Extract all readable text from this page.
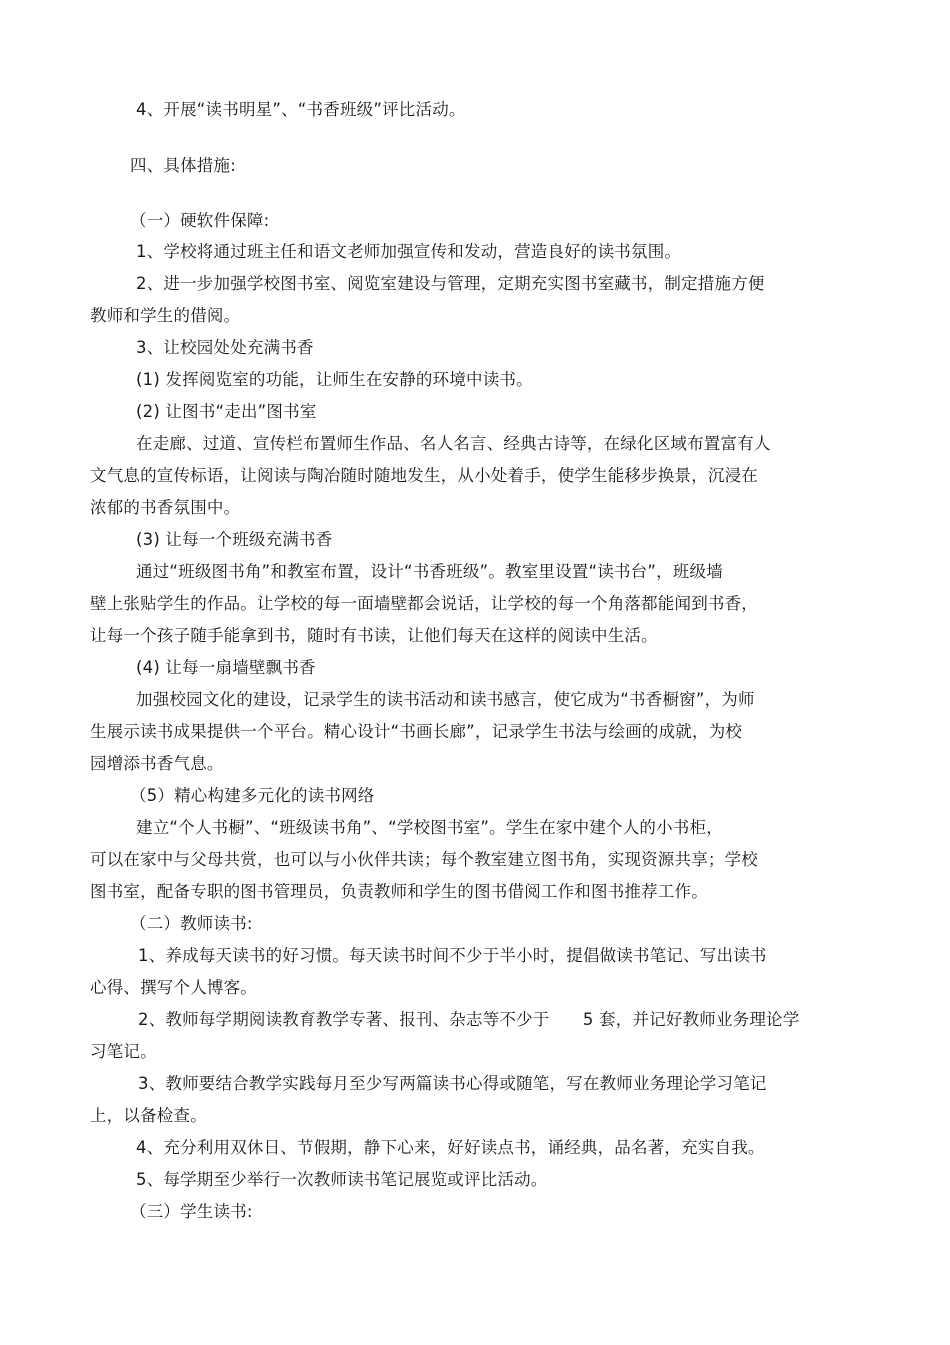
4、开展“读书明星”、“书香班级”评比活动。
四、具体措施:
（一）硬软件保障:
1、学校将通过班主任和语文老师加强宣传和发动，营造良好的读书氛围。
2、进一步加强学校图书室、阅览室建设与管理，定期充实图书室藏书，制定措施方便
教师和学生的借阅。
3、让校园处处充满书香
(1) 发挥阅览室的功能，让师生在安静的环境中读书。
(2) 让图书“走出”图书室
在走廊、过道、宣传栏布置师生作品、名人名言、经典古诗等，在绿化区域布置富有人
文气息的宣传标语，让阅读与陶冶随时随地发生，从小处着手，使学生能移步换景，沉浸在
浓郁的书香氛围中。
(3) 让每一个班级充满书香
通过“班级图书角”和教室布置，设计“书香班级”。教室里设置“读书台”，班级墙
壁上张贴学生的作品。让学校的每一面墙壁都会说话，让学校的每一个角落都能闻到书香，
让每一个孩子随手能拿到书，随时有书读，让他们每天在这样的阅读中生活。
(4) 让每一扇墙壁飘书香
加强校园文化的建设，记录学生的读书活动和读书感言，使它成为“书香橱窗”，为师
生展示读书成果提供一个平台。精心设计“书画长廊”，记录学生书法与绘画的成就，为校
园增添书香气息。
（5）精心构建多元化的读书网络
建立“个人书橱”、“班级读书角”、“学校图书室”。学生在家中建个人的小书柜，
可以在家中与父母共赏，也可以与小伙伴共读；每个教室建立图书角，实现资源共享；学校
图书室，配备专职的图书管理员，负责教师和学生的图书借阅工作和图书推荐工作。
（二）教师读书:
1、养成每天读书的好习惯。每天读书时间不少于半小时，提倡做读书笔记、写出读书
心得、撰写个人博客。
2、教师每学期阅读教育教学专著、报刊、杂志等不少于　　5 套，并记好教师业务理论学
习笔记。
3、教师要结合教学实践每月至少写两篇读书心得或随笔，写在教师业务理论学习笔记
上，以备检查。
4、充分利用双休日、节假期，静下心来，好好读点书，诵经典，品名著，充实自我。
5、每学期至少举行一次教师读书笔记展览或评比活动。
（三）学生读书:
